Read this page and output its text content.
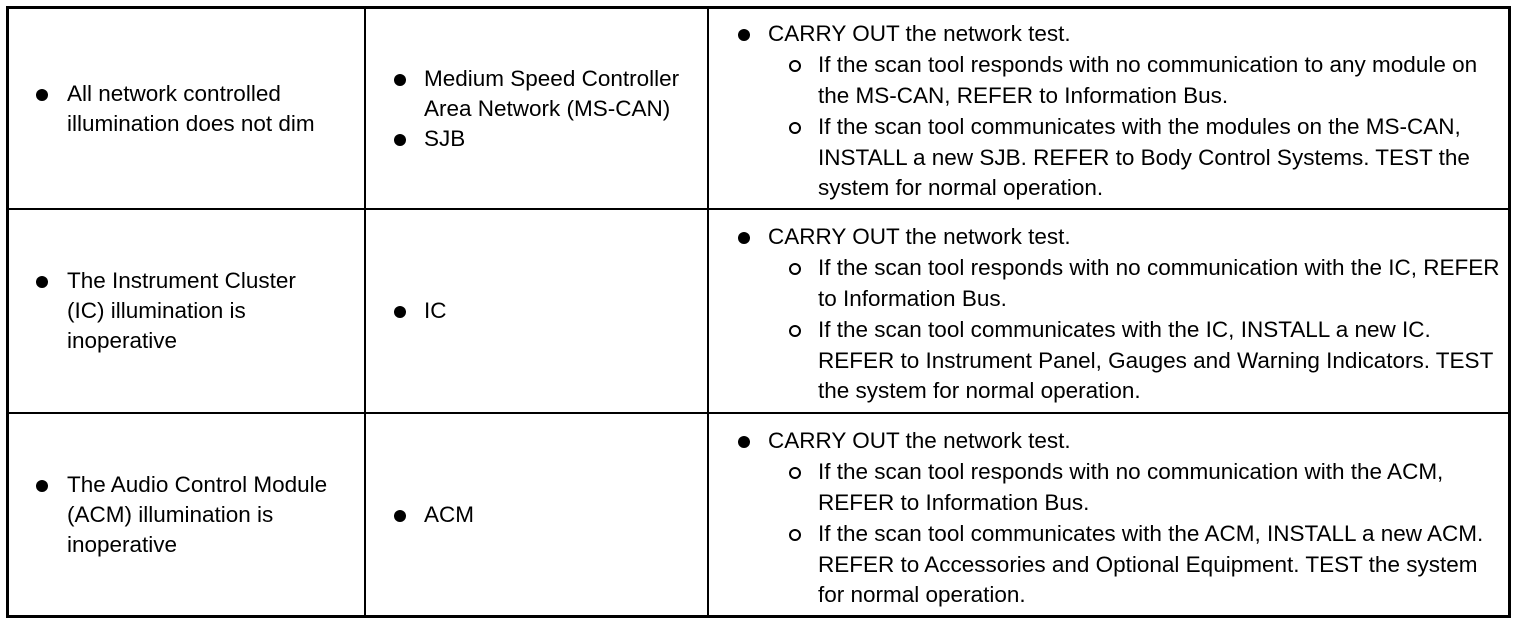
All network controlled illumination does not dim
Medium Speed Controller Area Network (MS-CAN)
SJB
CARRY OUT the network test.
If the scan tool responds with no communication to any module on the MS-CAN, REFER to Information Bus.
If the scan tool communicates with the modules on the MS-CAN, INSTALL a new SJB. REFER to Body Control Systems. TEST the system for normal operation.
The Instrument Cluster (IC) illumination is inoperative
IC
CARRY OUT the network test.
If the scan tool responds with no communication with the IC, REFER to Information Bus.
If the scan tool communicates with the IC, INSTALL a new IC. REFER to Instrument Panel, Gauges and Warning Indicators. TEST the system for normal operation.
The Audio Control Module (ACM) illumination is inoperative
ACM
CARRY OUT the network test.
If the scan tool responds with no communication with the ACM, REFER to Information Bus.
If the scan tool communicates with the ACM, INSTALL a new ACM. REFER to Accessories and Optional Equipment. TEST the system for normal operation.
